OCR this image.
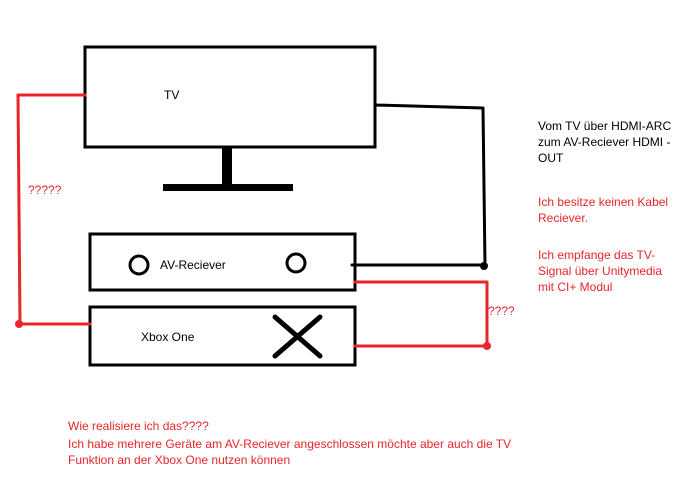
TV
AV-Reciever
Xbox One
?????
????
Vom TV über HDMI-ARC zum AV-Reciever HDMI - OUT
Ich besitze keinen Kabel Reciever.
Ich empfange das TV-Signal über Unitymedia mit CI+ Modul
Wie realisiere ich das????
Ich habe mehrere Geräte am AV-Reciever angeschlossen möchte aber auch die TV Funktion an der Xbox One nutzen können
